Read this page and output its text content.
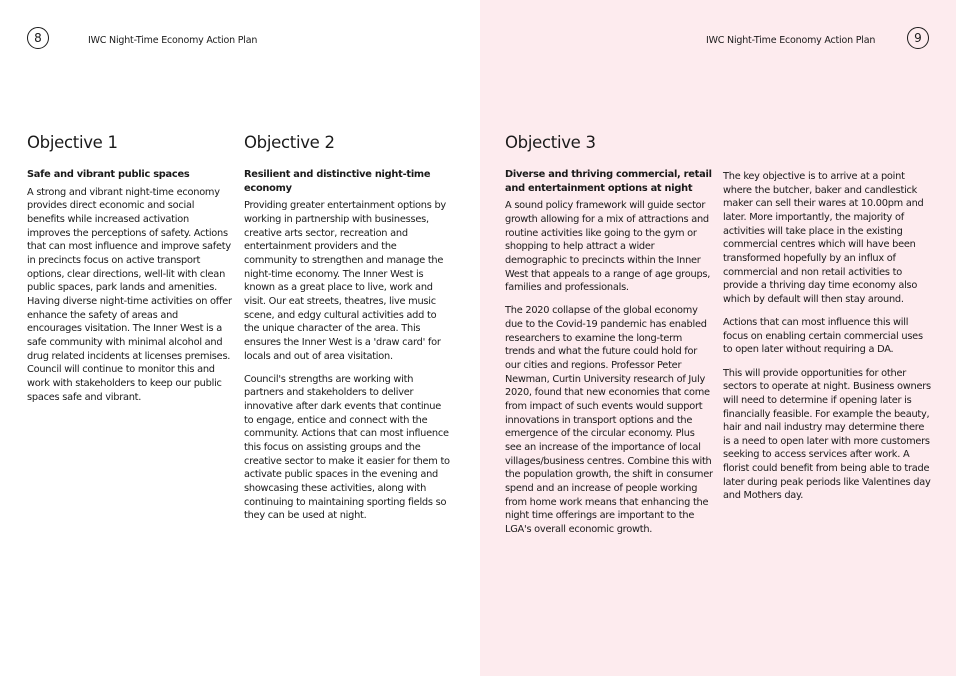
8	IWC Night-Time Economy Action Plan
Objective 1
Safe and vibrant public spaces

A strong and vibrant night-time economy provides direct economic and social benefits while increased activation improves the perceptions of safety. Actions that can most influence and improve safety in precincts focus on active transport options, clear directions, well-lit with clean public spaces, park lands and amenities. Having diverse night-time activities on offer enhance the safety of areas and encourages visitation. The Inner West is a safe community with minimal alcohol and drug related incidents at licenses premises. Council will continue to monitor this and work with stakeholders to keep our public spaces safe and vibrant.

Objective 2
Resilient and distinctive night-time economy

Providing greater entertainment options by working in partnership with businesses, creative arts sector, recreation and entertainment providers and the community to strengthen and manage the night-time economy. The Inner West is known as a great place to live, work and visit. Our eat streets, theatres, live music scene, and edgy cultural activities add to the unique character of the area. This ensures the Inner West is a 'draw card' for locals and out of area visitation.

Council's strengths are working with partners and stakeholders to deliver innovative after dark events that continue to engage, entice and connect with the community. Actions that can most influence this focus on assisting groups and the creative sector to make it easier for them to activate public spaces in the evening and showcasing these activities, along with continuing to maintaining sporting fields so they can be used at night.

IWC Night-Time Economy Action Plan	9
Objective 3
Diverse and thriving commercial, retail and entertainment options at night

A sound policy framework will guide sector growth allowing for a mix of attractions and routine activities like going to the gym or shopping to help attract a wider demographic to precincts within the Inner West that appeals to a range of age groups, families and professionals.

The 2020 collapse of the global economy due to the Covid-19 pandemic has enabled researchers to examine the long-term trends and what the future could hold for our cities and regions. Professor Peter Newman, Curtin University research of July 2020, found that new economies that come from impact of such events would support innovations in transport options and the emergence of the circular economy. Plus see an increase of the importance of local villages/business centres. Combine this with the population growth, the shift in consumer spend and an increase of people working from home work means that enhancing the night time offerings are important to the LGA's overall economic growth.

The key objective is to arrive at a point where the butcher, baker and candlestick maker can sell their wares at 10.00pm and later. More importantly, the majority of activities will take place in the existing commercial centres which will have been transformed hopefully by an influx of commercial and non retail activities to provide a thriving day time economy also which by default will then stay around.

Actions that can most influence this will focus on enabling certain commercial uses to open later without requiring a DA.

This will provide opportunities for other sectors to operate at night. Business owners will need to determine if opening later is financially feasible. For example the beauty, hair and nail industry may determine there is a need to open later with more customers seeking to access services after work. A florist could benefit from being able to trade later during peak periods like Valentines day and Mothers day.
